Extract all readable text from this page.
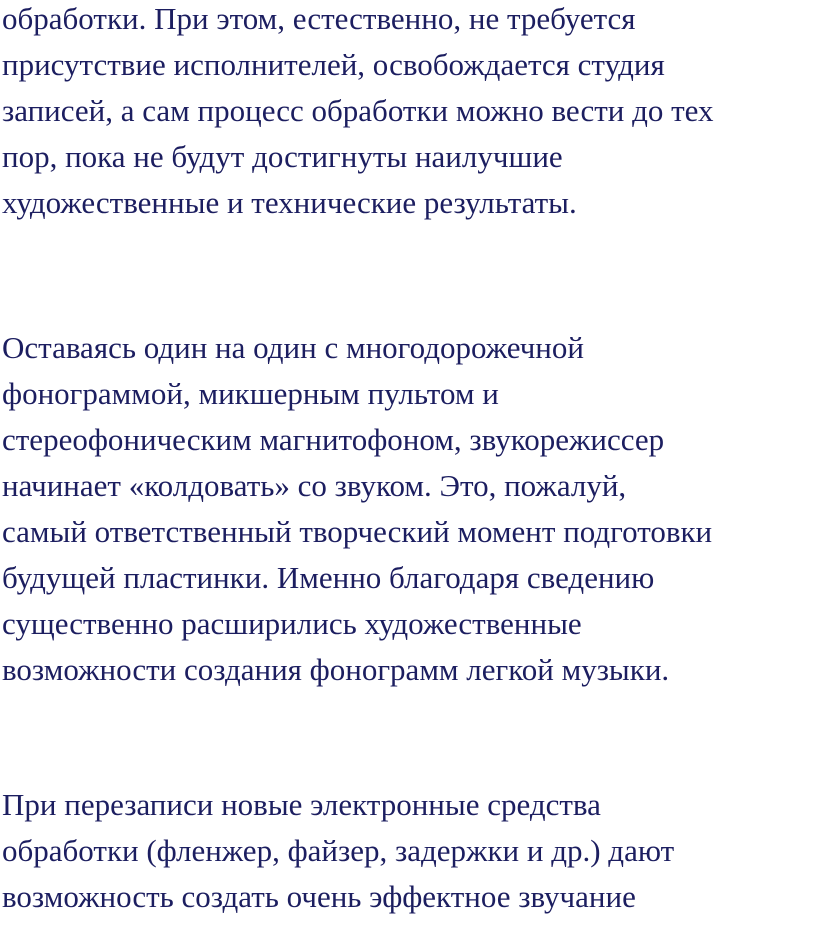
обработки. При этом, естественно, не требуется
присутствие исполнителей, освобождается студия
записей, а сам процесс обработки можно вести до тех
пор, пока не будут достигнуты наилучшие
художественные и технические результаты.

Оставаясь один на один с многодорожечной
фонограммой, микшерным пультом и
стереофоническим магнитофоном, звукорежиссер
начинает «колдовать» со звуком. Это, пожалуй,
самый ответственный творческий момент подготовки
будущей пластинки. Именно благодаря сведению
существенно расширились художественные
возможности создания фонограмм легкой музыки.

При перезаписи новые электронные средства
обработки (фленжер, файзер, задержки и др.) дают
возможность создать очень эффектное звучание
